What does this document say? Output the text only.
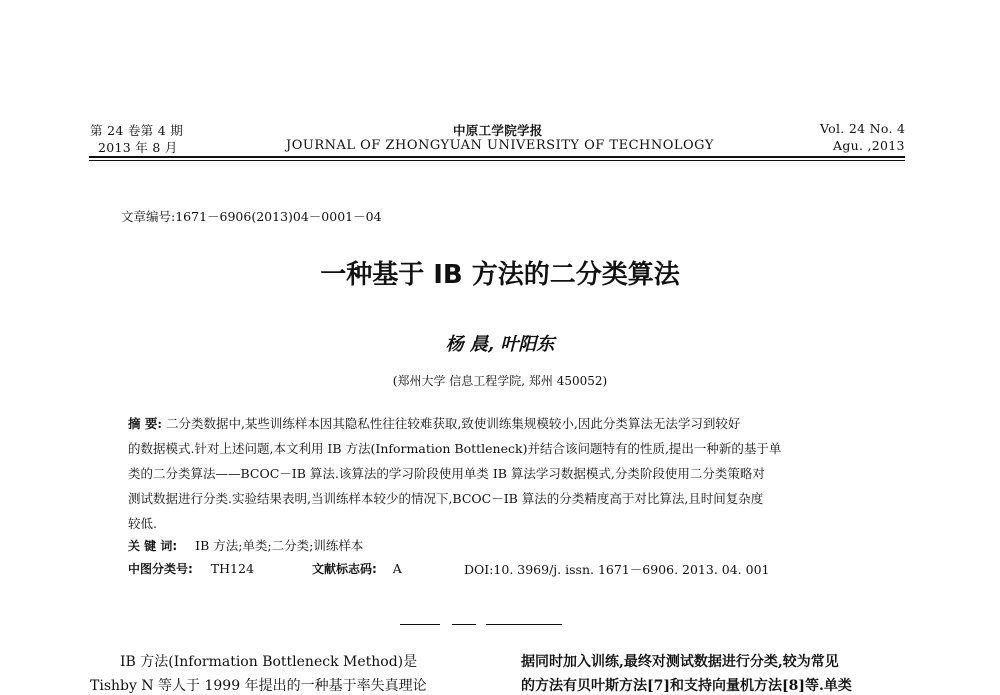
第 24 卷第 4 期
2013 年 8 月
中原工学院学报
JOURNAL OF ZHONGYUAN UNIVERSITY OF TECHNOLOGY
Vol. 24 No. 4
Agu. ,2013
文章编号:1671－6906(2013)04－0001－04
一种基于 IB 方法的二分类算法
杨 晨, 叶阳东
(郑州大学 信息工程学院, 郑州 450052)
摘 要: 二分类数据中,某些训练样本因其隐私性往往较难获取,致使训练集规模较小,因此分类算法无法学习到较好
的数据模式.针对上述问题,本文利用 IB 方法(Information Bottleneck)并结合该问题特有的性质,提出一种新的基于单
类的二分类算法——BCOC－IB 算法.该算法的学习阶段使用单类 IB 算法学习数据模式,分类阶段使用二分类策略对
测试数据进行分类.实验结果表明,当训练样本较少的情况下,BCOC－IB 算法的分类精度高于对比算法,且时间复杂度
较低.
关 键 词: IB 方法;单类;二分类;训练样本
中图分类号: TH124	文献标志码: A	DOI:10. 3969/j. issn. 1671－6906. 2013. 04. 001
IB 方法(Information Bottleneck Method)是
Tishby N 等人于 1999 年提出的一种基于率失真理论
据同时加入训练,最终对测试数据进行分类,较为常见
的方法有贝叶斯方法[7]和支持向量机方法[8]等.单类
